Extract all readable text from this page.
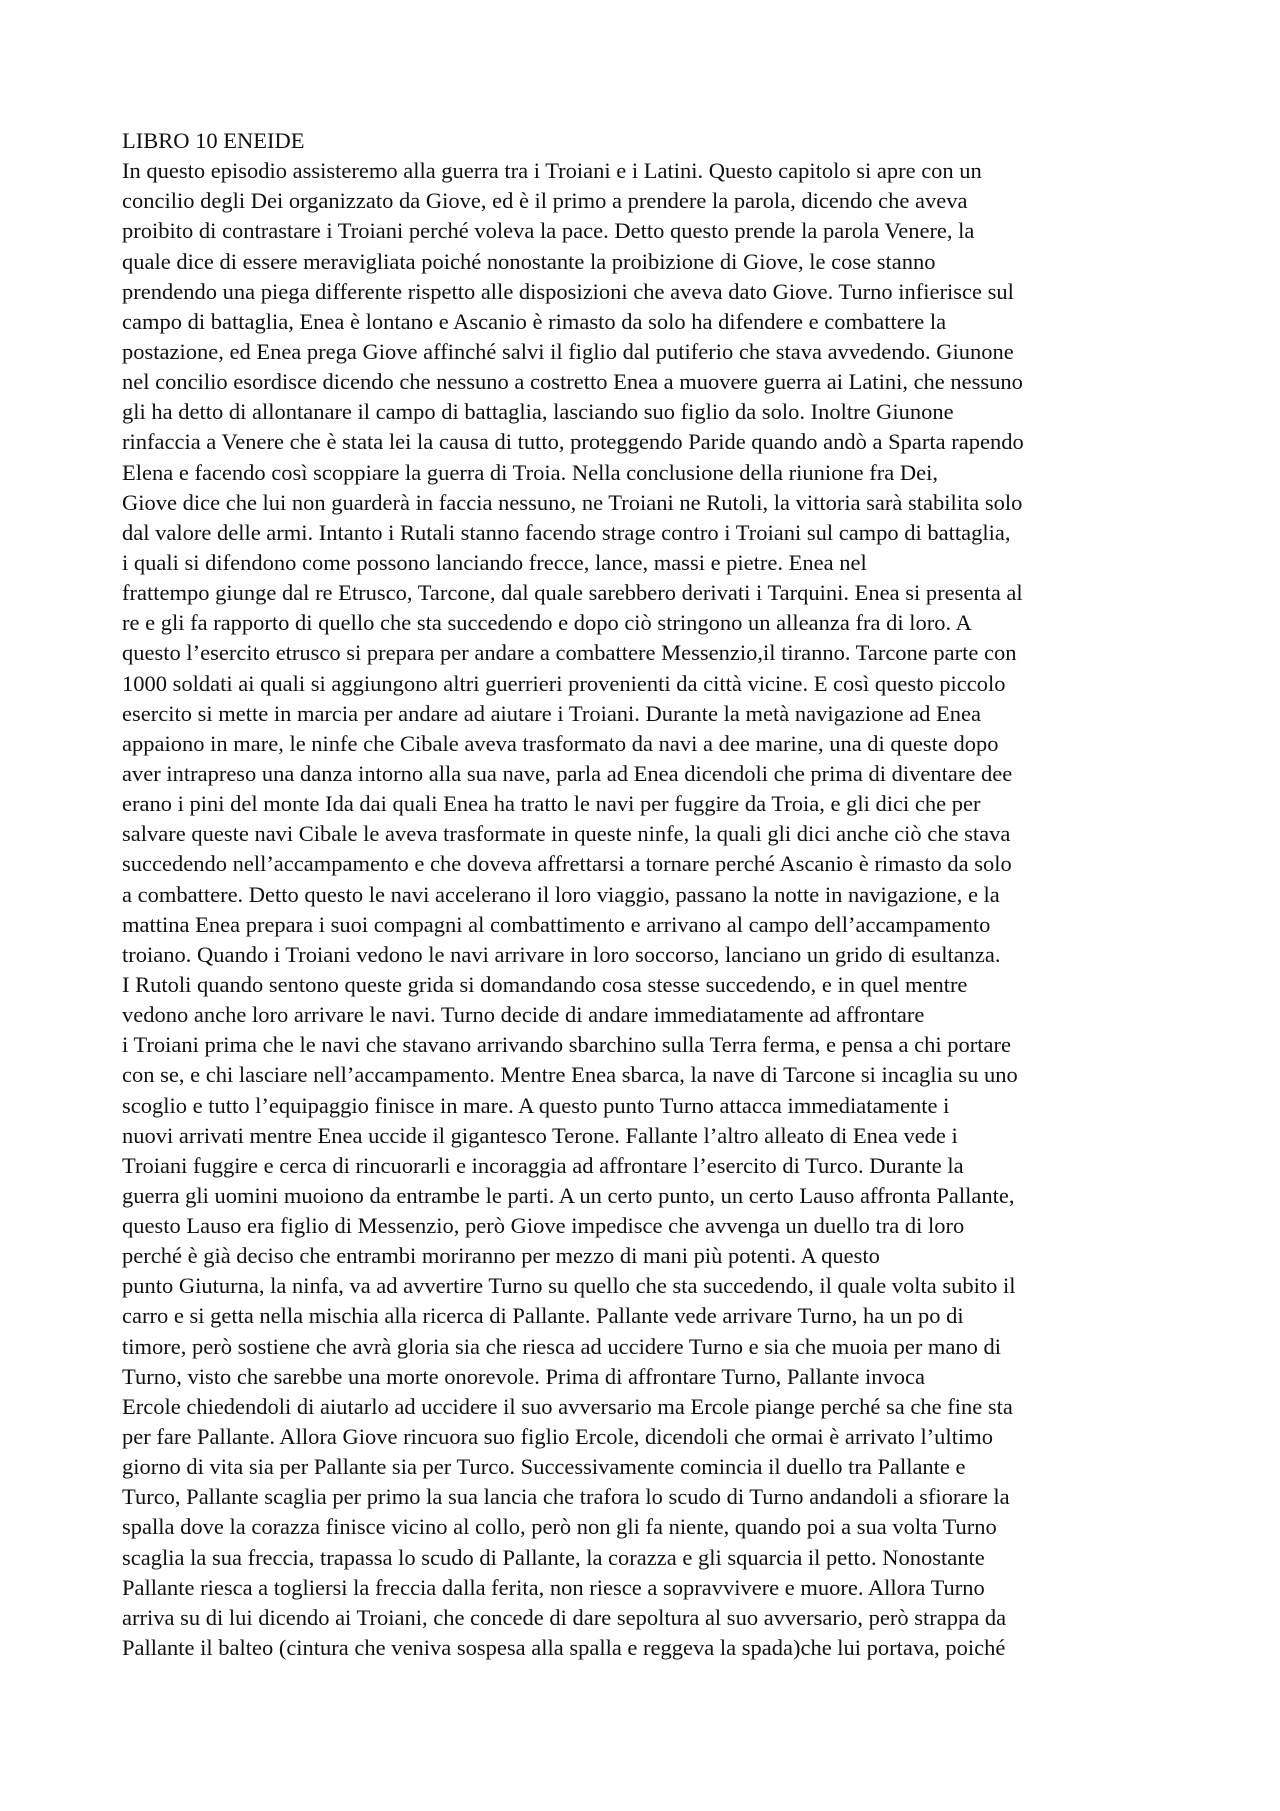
LIBRO 10 ENEIDE
In questo episodio assisteremo alla guerra tra i Troiani e i Latini. Questo capitolo si apre con un
concilio degli Dei organizzato da Giove, ed è il primo a prendere la parola, dicendo che aveva
proibito di contrastare i Troiani perché voleva la pace. Detto questo prende la parola Venere, la
quale dice di essere meravigliata poiché nonostante la proibizione di Giove, le cose stanno
prendendo una piega differente rispetto alle disposizioni che aveva dato Giove. Turno infierisce sul
campo di battaglia, Enea è lontano e Ascanio è rimasto da solo ha difendere e combattere la
postazione, ed Enea prega Giove affinché salvi il figlio dal putiferio che stava avvedendo. Giunone
nel concilio esordisce dicendo che nessuno a costretto Enea a muovere guerra ai Latini, che nessuno
gli ha detto di allontanare il campo di battaglia, lasciando suo figlio da solo. Inoltre Giunone
rinfaccia a Venere che è stata lei la causa di tutto, proteggendo Paride quando andò a Sparta rapendo
Elena e facendo così scoppiare la guerra di Troia. Nella conclusione della riunione fra Dei,
Giove dice che lui non guarderà in faccia nessuno, ne Troiani ne Rutoli, la vittoria sarà stabilita solo
dal valore delle armi. Intanto i Rutali stanno facendo strage contro i Troiani sul campo di battaglia,
i quali si difendono come possono lanciando frecce, lance, massi e pietre. Enea nel
frattempo giunge dal re Etrusco, Tarcone, dal quale sarebbero derivati i Tarquini. Enea si presenta al
re e gli fa rapporto di quello che sta succedendo e dopo ciò stringono un alleanza fra di loro. A
questo l’esercito etrusco si prepara per andare a combattere Messenzio,il tiranno. Tarcone parte con
1000 soldati ai quali si aggiungono altri guerrieri provenienti da città vicine. E così questo piccolo
esercito si mette in marcia per andare ad aiutare i Troiani. Durante la metà navigazione ad Enea
appaiono in mare, le ninfe che Cibale aveva trasformato da navi a dee marine, una di queste dopo
aver intrapreso una danza intorno alla sua nave, parla ad Enea dicendoli che prima di diventare dee
erano i pini del monte Ida dai quali Enea ha tratto le navi per fuggire da Troia, e gli dici che per
salvare queste navi Cibale le aveva trasformate in queste ninfe, la quali gli dici anche ciò che stava
succedendo nell’accampamento e che doveva affrettarsi a tornare perché Ascanio è rimasto da solo
a combattere. Detto questo le navi accelerano il loro viaggio, passano la notte in navigazione, e la
mattina Enea prepara i suoi compagni al combattimento e arrivano al campo dell’accampamento
troiano. Quando i Troiani vedono le navi arrivare in loro soccorso, lanciano un grido di esultanza.
I Rutoli quando sentono queste grida si domandando cosa stesse succedendo, e in quel mentre
vedono anche loro arrivare le navi. Turno decide di andare immediatamente ad affrontare
i Troiani prima che le navi che stavano arrivando sbarchino sulla Terra ferma, e pensa a chi portare
con se, e chi lasciare nell’accampamento. Mentre Enea sbarca, la nave di Tarcone si incaglia su uno
scoglio e tutto l’equipaggio finisce in mare. A questo punto Turno attacca immediatamente i
nuovi arrivati mentre Enea uccide il gigantesco Terone. Fallante l’altro alleato di Enea vede i
Troiani fuggire e cerca di rincuorarli e incoraggia ad affrontare l’esercito di Turco. Durante la
guerra gli uomini muoiono da entrambe le parti. A un certo punto, un certo Lauso affronta Pallante,
questo Lauso era figlio di Messenzio, però Giove impedisce che avvenga un duello tra di loro
perché è già deciso che entrambi moriranno per mezzo di mani più potenti. A questo
punto Giuturna, la ninfa, va ad avvertire Turno su quello che sta succedendo, il quale volta subito il
carro e si getta nella mischia alla ricerca di Pallante. Pallante vede arrivare Turno, ha un po di
timore, però sostiene che avrà gloria sia che riesca ad uccidere Turno e sia che muoia per mano di
Turno, visto che sarebbe una morte onorevole. Prima di affrontare Turno, Pallante invoca
Ercole chiedendoli di aiutarlo ad uccidere il suo avversario ma Ercole piange perché sa che fine sta
per fare Pallante. Allora Giove rincuora suo figlio Ercole, dicendoli che ormai è arrivato l’ultimo
giorno di vita sia per Pallante sia per Turco. Successivamente comincia il duello tra Pallante e
Turco, Pallante scaglia per primo la sua lancia che trafora lo scudo di Turno andandoli a sfiorare la
spalla dove la corazza finisce vicino al collo, però non gli fa niente, quando poi a sua volta Turno
scaglia la sua freccia, trapassa lo scudo di Pallante, la corazza e gli squarcia il petto. Nonostante
Pallante riesca a togliersi la freccia dalla ferita, non riesce a sopravvivere e muore. Allora Turno
arriva su di lui dicendo ai Troiani, che concede di dare sepoltura al suo avversario, però strappa da
Pallante il balteo (cintura che veniva sospesa alla spalla e reggeva la spada)che lui portava, poiché
